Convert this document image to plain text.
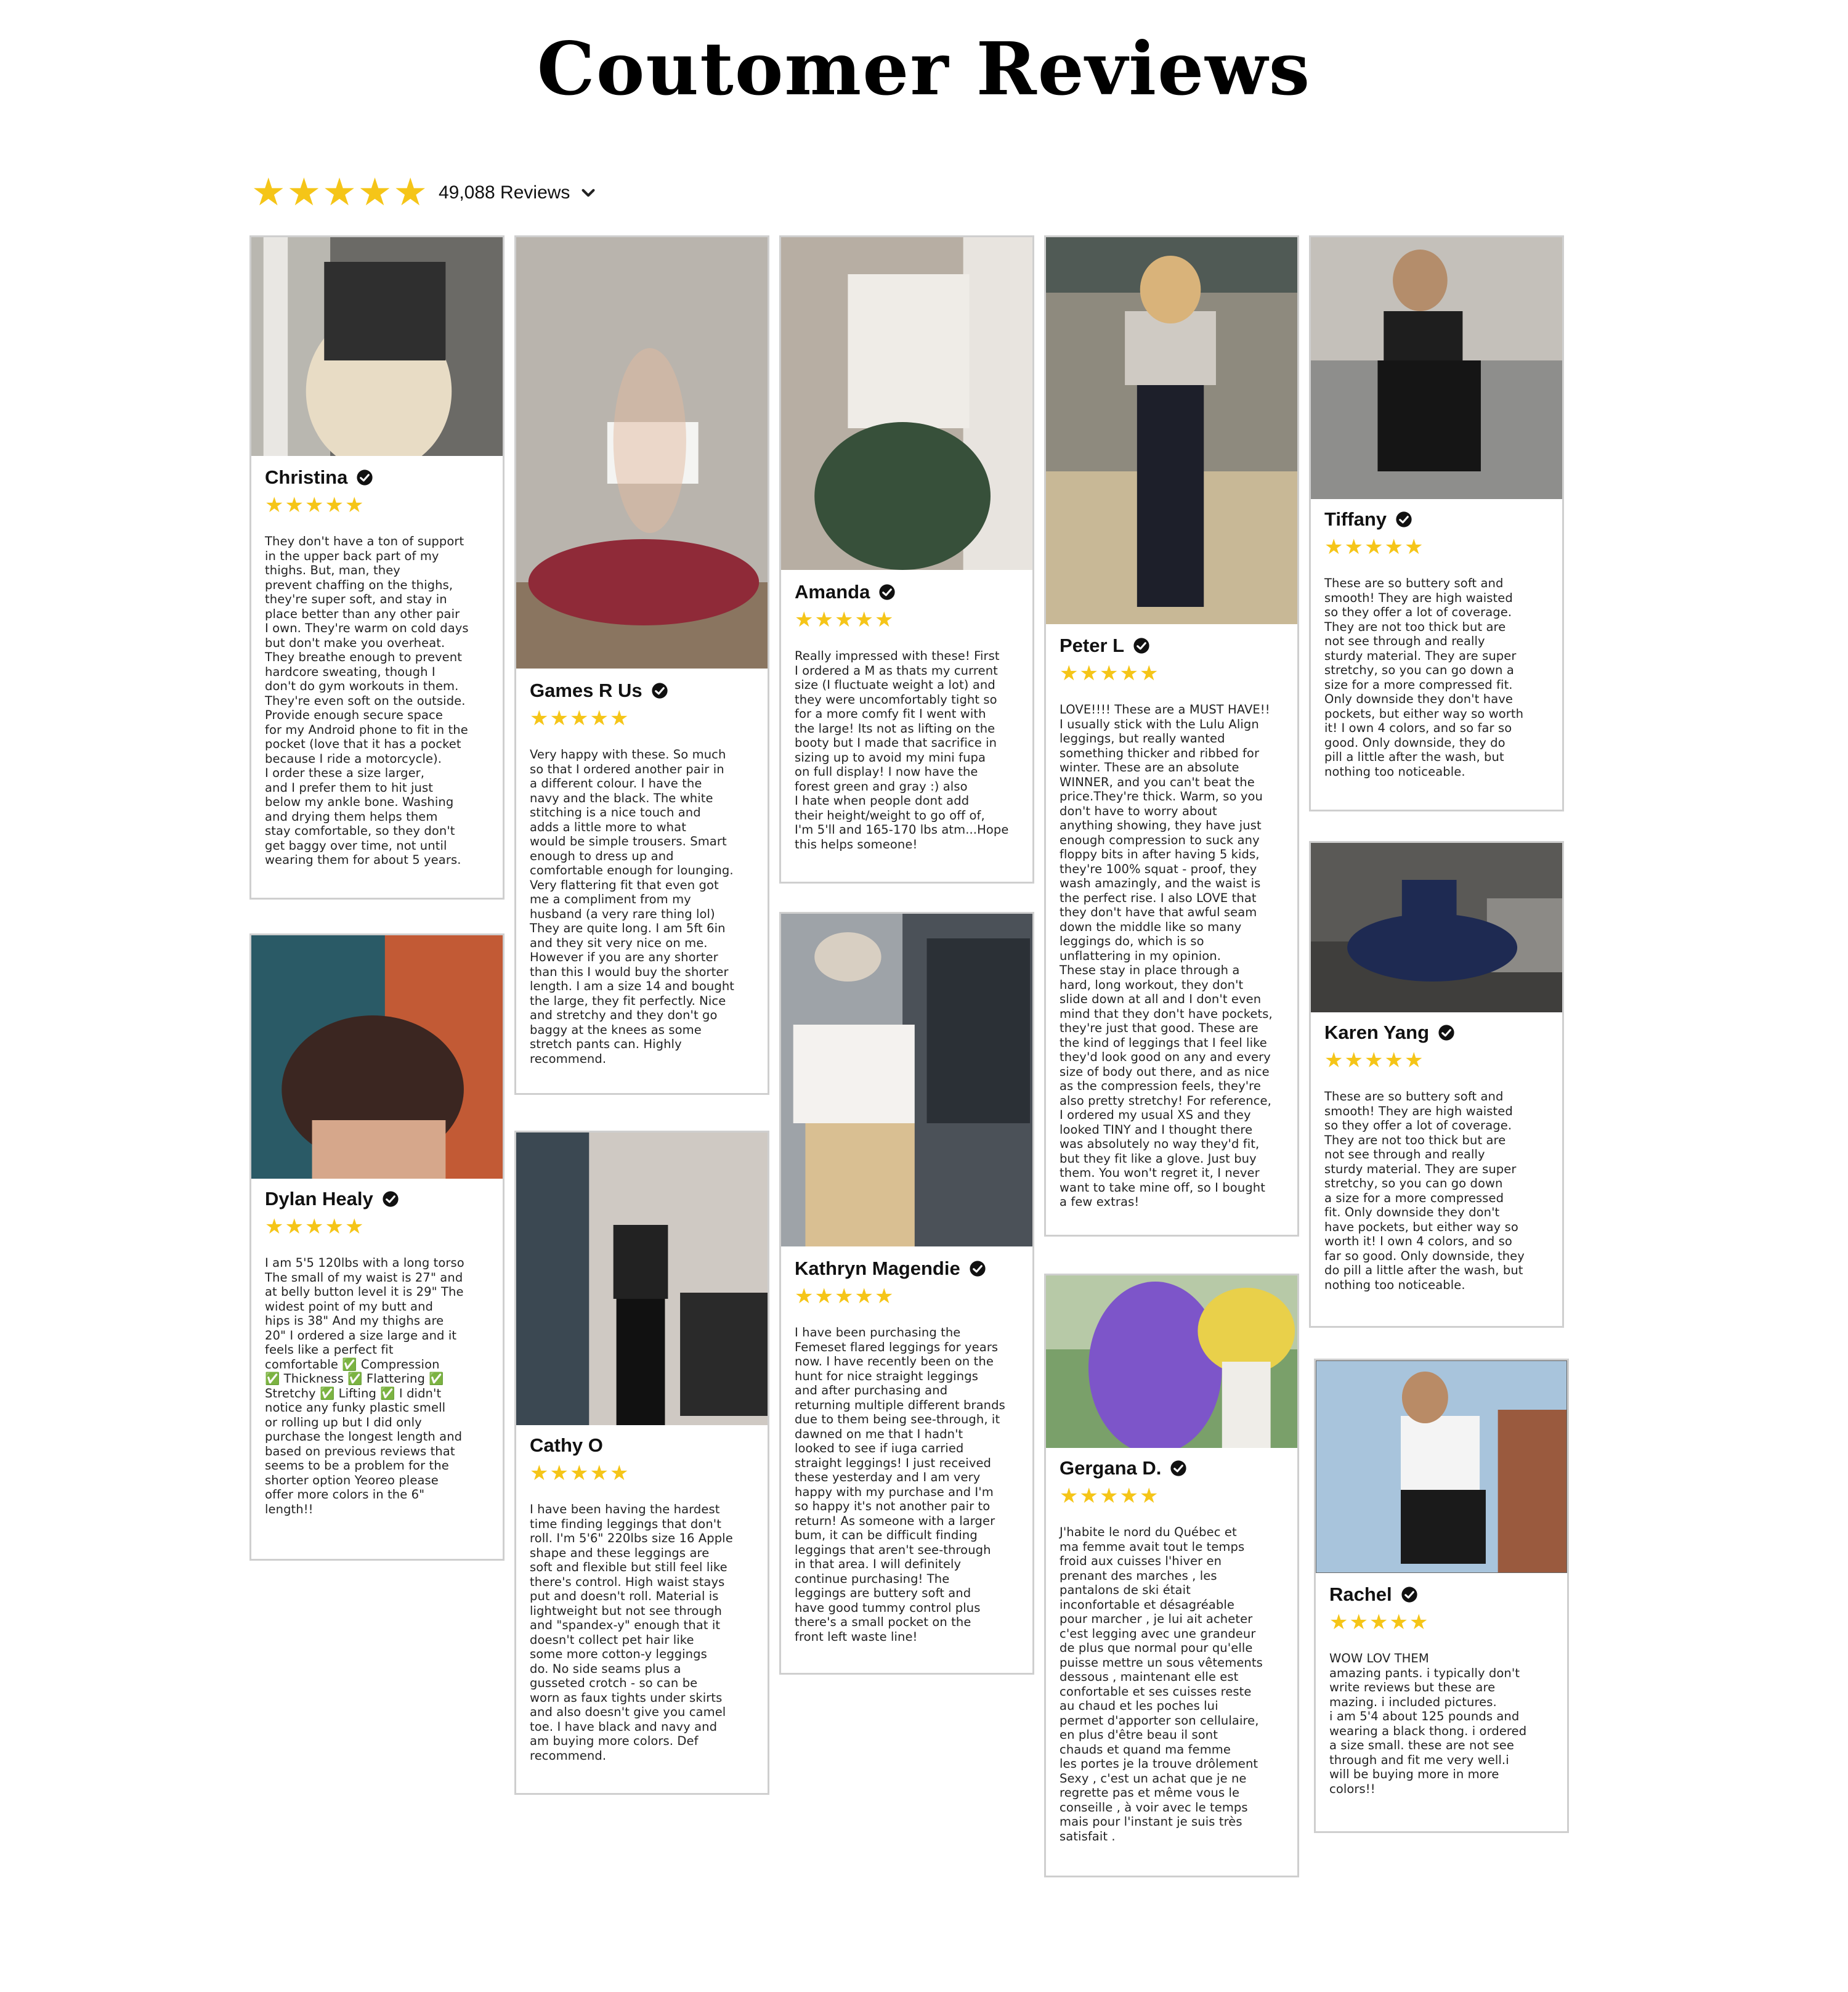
Coutomer Reviews
★ ★ ★ ★ ★ 49,088 Reviews
Christina
★ ★ ★ ★ ★
They don't have a ton of support
in the upper back part of my
thighs. But, man, they
prevent chaffing on the thighs,
they're super soft, and stay in
place better than any other pair
I own. They're warm on cold days
but don't make you overheat.
They breathe enough to prevent
hardcore sweating, though I
don't do gym workouts in them.
They're even soft on the outside.
Provide enough secure space
for my Android phone to fit in the
pocket (love that it has a pocket
because I ride a motorcycle).
I order these a size larger,
and I prefer them to hit just
below my ankle bone. Washing
and drying them helps them
stay comfortable, so they don't
get baggy over time, not until
wearing them for about 5 years.
Dylan Healy
★ ★ ★ ★ ★
I am 5'5 120lbs with a long torso
The small of my waist is 27" and
at belly button level it is 29" The
widest point of my butt and
hips is 38" And my thighs are
20" I ordered a size large and it
feels like a perfect fit
comfortable ✅ Compression
✅ Thickness ✅ Flattering ✅
Stretchy ✅ Lifting ✅ I didn't
notice any funky plastic smell
or rolling up but I did only
purchase the longest length and
based on previous reviews that
seems to be a problem for the
shorter option Yeoreo please
offer more colors in the 6"
length!!
Games R Us
★ ★ ★ ★ ★
Very happy with these. So much
so that I ordered another pair in
a different colour. I have the
navy and the black. The white
stitching is a nice touch and
adds a little more to what
would be simple trousers. Smart
enough to dress up and
comfortable enough for lounging.
Very flattering fit that even got
me a compliment from my
husband (a very rare thing lol)
They are quite long. I am 5ft 6in
and they sit very nice on me.
However if you are any shorter
than this I would buy the shorter
length. I am a size 14 and bought
the large, they fit perfectly. Nice
and stretchy and they don't go
baggy at the knees as some
stretch pants can. Highly
recommend.
Cathy O
★ ★ ★ ★ ★
I have been having the hardest
time finding leggings that don't
roll. I'm 5'6" 220lbs size 16 Apple
shape and these leggings are
soft and flexible but still feel like
there's control. High waist stays
put and doesn't roll. Material is
lightweight but not see through
and "spandex-y" enough that it
doesn't collect pet hair like
some more cotton-y leggings
do. No side seams plus a
gusseted crotch - so can be
worn as faux tights under skirts
and also doesn't give you camel
toe. I have black and navy and
am buying more colors. Def
recommend.
Amanda
★ ★ ★ ★ ★
Really impressed with these! First
I ordered a M as thats my current
size (I fluctuate weight a lot) and
they were uncomfortably tight so
for a more comfy fit I went with
the large! Its not as lifting on the
booty but I made that sacrifice in
sizing up to avoid my mini fupa
on full display! I now have the
forest green and gray :) also
I hate when people dont add
their height/weight to go off of,
I'm 5'll and 165-170 lbs atm...Hope
this helps someone!
Kathryn Magendie
★ ★ ★ ★ ★
I have been purchasing the
Femeset flared leggings for years
now. I have recently been on the
hunt for nice straight leggings
and after purchasing and
returning multiple different brands
due to them being see-through, it
dawned on me that I hadn't
looked to see if iuga carried
straight leggings! I just received
these yesterday and I am very
happy with my purchase and I'm
so happy it's not another pair to
return! As someone with a larger
bum, it can be difficult finding
leggings that aren't see-through
in that area. I will definitely
continue purchasing! The
leggings are buttery soft and
have good tummy control plus
there's a small pocket on the
front left waste line!
Peter L
★ ★ ★ ★ ★
LOVE!!!! These are a MUST HAVE!!
I usually stick with the Lulu Align
leggings, but really wanted
something thicker and ribbed for
winter. These are an absolute
WINNER, and you can't beat the
price.They're thick. Warm, so you
don't have to worry about
anything showing, they have just
enough compression to suck any
floppy bits in after having 5 kids,
they're 100% squat - proof, they
wash amazingly, and the waist is
the perfect rise. I also LOVE that
they don't have that awful seam
down the middle like so many
leggings do, which is so
unflattering in my opinion.
These stay in place through a
hard, long workout, they don't
slide down at all and I don't even
mind that they don't have pockets,
they're just that good. These are
the kind of leggings that I feel like
they'd look good on any and every
size of body out there, and as nice
as the compression feels, they're
also pretty stretchy! For reference,
I ordered my usual XS and they
looked TINY and I thought there
was absolutely no way they'd fit,
but they fit like a glove. Just buy
them. You won't regret it, I never
want to take mine off, so I bought
a few extras!
Gergana D.
★ ★ ★ ★ ★
J'habite le nord du Québec et
ma femme avait tout le temps
froid aux cuisses l'hiver en
prenant des marches , les
pantalons de ski était
inconfortable et désagréable
pour marcher , je lui ait acheter
c'est legging avec une grandeur
de plus que normal pour qu'elle
puisse mettre un sous vêtements
dessous , maintenant elle est
confortable et ses cuisses reste
au chaud et les poches lui
permet d'apporter son cellulaire,
en plus d'être beau il sont
chauds et quand ma femme
les portes je la trouve drôlement
Sexy , c'est un achat que je ne
regrette pas et même vous le
conseille , à voir avec le temps
mais pour l'instant je suis très
satisfait .
Tiffany
★ ★ ★ ★ ★
These are so buttery soft and
smooth! They are high waisted
so they offer a lot of coverage.
They are not too thick but are
not see through and really
sturdy material. They are super
stretchy, so you can go down a
size for a more compressed fit.
Only downside they don't have
pockets, but either way so worth
it! I own 4 colors, and so far so
good. Only downside, they do
pill a little after the wash, but
nothing too noticeable.
Karen Yang
★ ★ ★ ★ ★
These are so buttery soft and
smooth! They are high waisted
so they offer a lot of coverage.
They are not too thick but are
not see through and really
sturdy material. They are super
stretchy, so you can go down
a size for a more compressed
fit. Only downside they don't
have pockets, but either way so
worth it! I own 4 colors, and so
far so good. Only downside, they
do pill a little after the wash, but
nothing too noticeable.
Rachel
★ ★ ★ ★ ★
WOW LOV THEM
amazing pants. i typically don't
write reviews but these are
mazing. i included pictures.
i am 5'4 about 125 pounds and
wearing a black thong. i ordered
a size small. these are not see
through and fit me very well.i
will be buying more in more
colors!!
